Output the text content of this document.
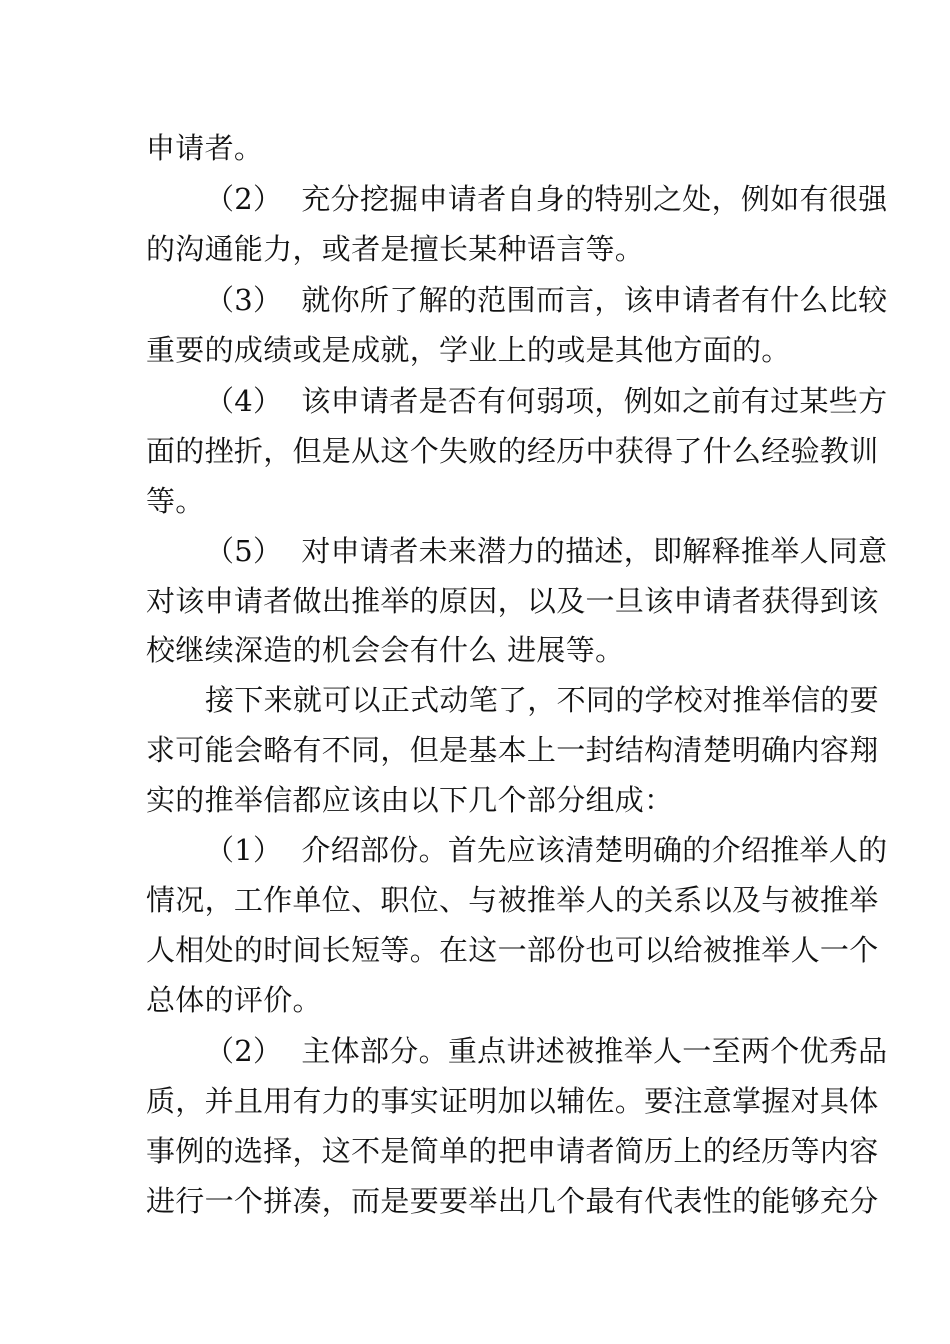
申请者。
（2）  充分挖掘申请者自身的特别之处，例如有很强
的沟通能力，或者是擅长某种语言等。
（3）  就你所了解的范围而言，该申请者有什么比较
重要的成绩或是成就，学业上的或是其他方面的。
（4）  该申请者是否有何弱项，例如之前有过某些方
面的挫折，但是从这个失败的经历中获得了什么经验教训
等。
（5）  对申请者未来潜力的描述，即解释推举人同意
对该申请者做出推举的原因，以及一旦该申请者获得到该
校继续深造的机会会有什么 进展等。
接下来就可以正式动笔了，不同的学校对推举信的要
求可能会略有不同，但是基本上一封结构清楚明确内容翔
实的推举信都应该由以下几个部分组成：
（1）  介绍部份。首先应该清楚明确的介绍推举人的
情况，工作单位、职位、与被推举人的关系以及与被推举
人相处的时间长短等。在这一部份也可以给被推举人一个
总体的评价。
（2）  主体部分。重点讲述被推举人一至两个优秀品
质，并且用有力的事实证明加以辅佐。要注意掌握对具体
事例的选择，这不是简单的把申请者简历上的经历等内容
进行一个拼凑，而是要要举出几个最有代表性的能够充分
